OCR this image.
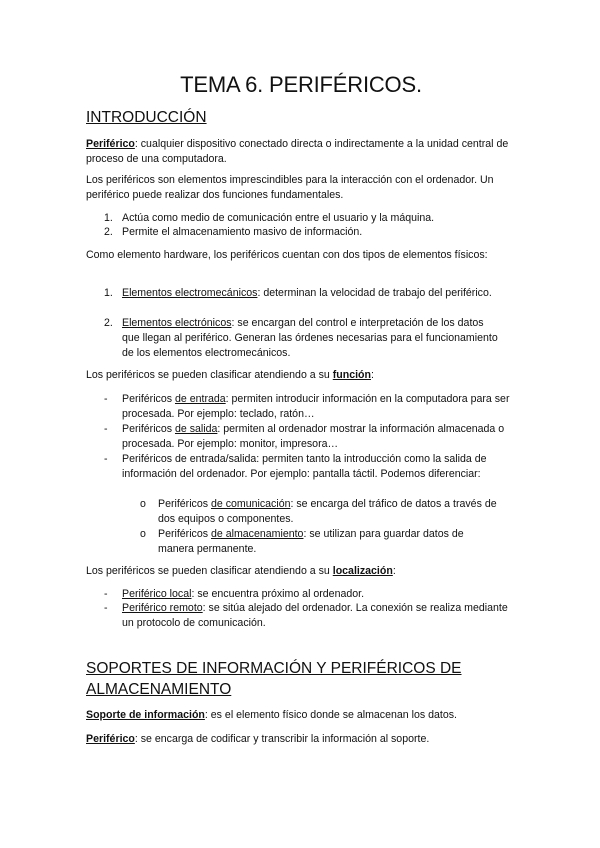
TEMA 6. PERIFÉRICOS.
INTRODUCCIÓN

Periférico: cualquier dispositivo conectado directa o indirectamente a la unidad central de proceso de una computadora.

Los periféricos son elementos imprescindibles para la interacción con el ordenador. Un periférico puede realizar dos funciones fundamentales.

1. Actúa como medio de comunicación entre el usuario y la máquina.
2. Permite el almacenamiento masivo de información.

Como elemento hardware, los periféricos cuentan con dos tipos de elementos físicos:

1. Elementos electromecánicos: determinan la velocidad de trabajo del periférico.
2. Elementos electrónicos: se encargan del control e interpretación de los datos que llegan al periférico. Generan las órdenes necesarias para el funcionamiento de los elementos electromecánicos.

Los periféricos se pueden clasificar atendiendo a su función:

- Periféricos de entrada: permiten introducir información en la computadora para ser procesada. Por ejemplo: teclado, ratón…
- Periféricos de salida: permiten al ordenador mostrar la información almacenada o procesada. Por ejemplo: monitor, impresora…
- Periféricos de entrada/salida: permiten tanto la introducción como la salida de información del ordenador. Por ejemplo: pantalla táctil. Podemos diferenciar:
o Periféricos de comunicación: se encarga del tráfico de datos a través de dos equipos o componentes.
o Periféricos de almacenamiento: se utilizan para guardar datos de manera permanente.

Los periféricos se pueden clasificar atendiendo a su localización:

- Periférico local: se encuentra próximo al ordenador.
- Periférico remoto: se sitúa alejado del ordenador. La conexión se realiza mediante un protocolo de comunicación.
SOPORTES DE INFORMACIÓN Y PERIFÉRICOS DE
ALMACENAMIENTO

Soporte de información: es el elemento físico donde se almacenan los datos.

Periférico: se encarga de codificar y transcribir la información al soporte.
